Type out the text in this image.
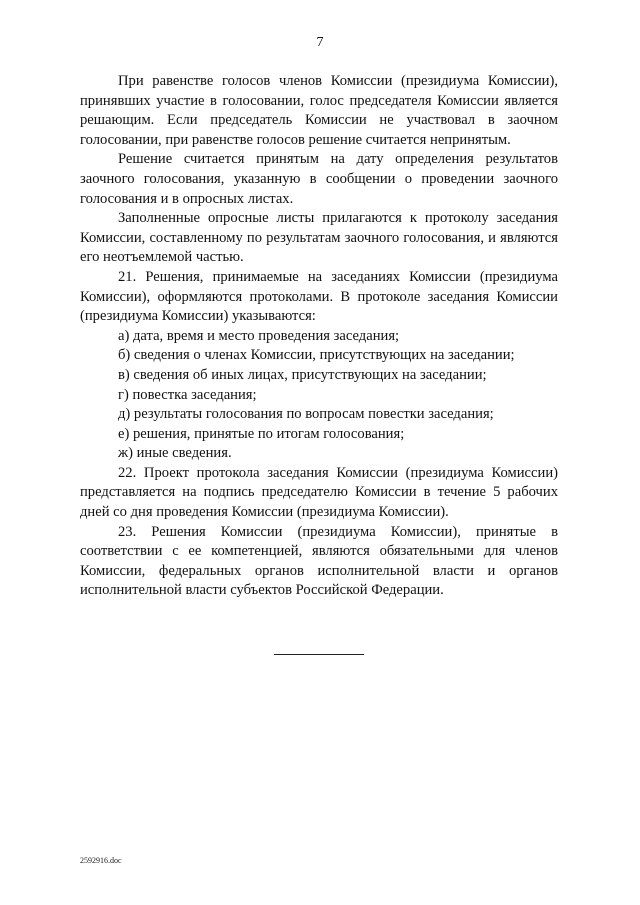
7

При равенстве голосов членов Комиссии (президиума Комиссии), принявших участие в голосовании, голос председателя Комиссии является решающим. Если председатель Комиссии не участвовал в заочном голосовании, при равенстве голосов решение считается непринятым.

Решение считается принятым на дату определения результатов заочного голосования, указанную в сообщении о проведении заочного голосования и в опросных листах.

Заполненные опросные листы прилагаются к протоколу заседания Комиссии, составленному по результатам заочного голосования, и являются его неотъемлемой частью.

21. Решения, принимаемые на заседаниях Комиссии (президиума Комиссии), оформляются протоколами. В протоколе заседания Комиссии (президиума Комиссии) указываются:

а) дата, время и место проведения заседания;

б) сведения о членах Комиссии, присутствующих на заседании;

в) сведения об иных лицах, присутствующих на заседании;

г) повестка заседания;

д) результаты голосования по вопросам повестки заседания;

е) решения, принятые по итогам голосования;

ж) иные сведения.

22. Проект протокола заседания Комиссии (президиума Комиссии) представляется на подпись председателю Комиссии в течение 5 рабочих дней со дня проведения Комиссии (президиума Комиссии).

23. Решения Комиссии (президиума Комиссии), принятые в соответствии с ее компетенцией, являются обязательными для членов Комиссии, федеральных органов исполнительной власти и органов исполнительной власти субъектов Российской Федерации.

2592916.doc
